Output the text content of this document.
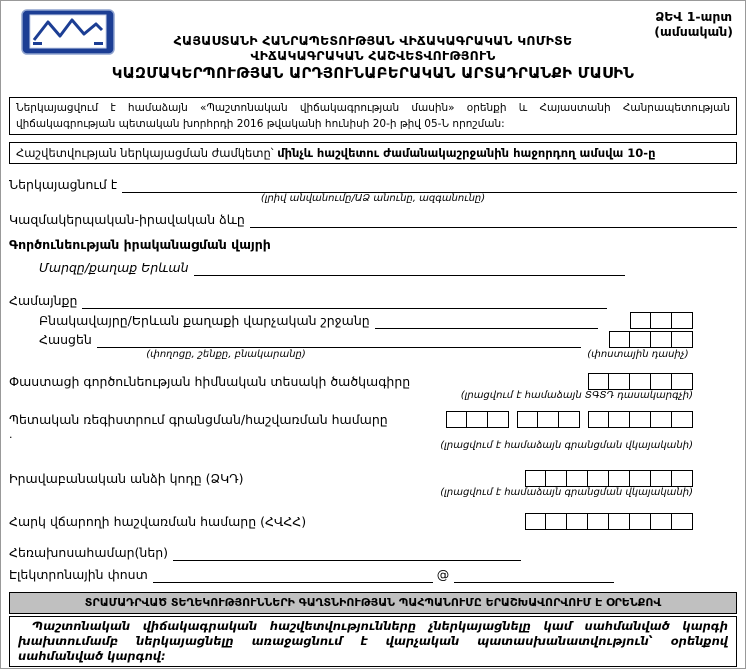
ՁԵՎ 1-արտ
(ամսական)
ՀԱՅԱՍՏԱՆԻ ՀԱՆՐԱՊԵՏՈՒԹՅԱՆ ՎԻՃԱԿԱԳՐԱԿԱՆ ԿՈՄԻՏԵ
ՎԻՃԱԿԱԳՐԱԿԱՆ ՀԱՇՎԵՏՎՈՒԹՅՈՒՆ
ԿԱԶՄԱԿԵՐՊՈՒԹՅԱՆ ԱՐԴՅՈՒՆԱԲԵՐԱԿԱՆ ԱՐՏԱԴՐԱՆՔԻ ՄԱՍԻՆ
Ներկայացվում է համաձայն «Պաշտոնական վիճակագրության մասին» օրենքի և Հայաստանի Հանրապետության վիճակագրության պետական խորհրդի 2016 թվականի հունիսի 20-ի թիվ 05-Ն որոշման:
Հաշվետվության ներկայացման ժամկետը՝ մինչև հաշվետու ժամանակաշրջանին հաջորդող ամսվա 10-ը
Ներկայացնում է
(լրիվ անվանումը/ԱՁ անունը, ազգանունը)
Կազմակերպական-իրավական ձևը
Գործունեության իրականացման վայրի
Մարզը/քաղաք Երևան
Համայնքը
Բնակավայրը/Երևան քաղաքի վարչական շրջանը
Հասցեն
(փողոցը, շենքը, բնակարանը)	(փոստային դասիչ)
Փաստացի գործունեության հիմնական տեսակի ծածկագիրը
(լրացվում է համաձայն ՏԳՏԴ դասակարգչի)
Պետական ռեգիստրում գրանցման/հաշվառման համարը
.
(լրացվում է համաձայն գրանցման վկայականի)
Իրավաբանական անձի կոդը (ՁԿԴ)
(լրացվում է համաձայն գրանցման վկայականի)
Հարկ վճարողի հաշվառման համարը (ՀՎՀՀ)
Հեռախոսահամար(ներ)
Էլեկտրոնային փոստ	@
ՏՐԱՄԱԴՐՎԱԾ ՏԵՂԵԿՈՒԹՅՈՒՆՆԵՐԻ ԳԱՂՏՆԻՈՒԹՅԱՆ ՊԱՀՊԱՆՈՒՄԸ ԵՐԱՇԽԱՎՈՐՎՈՒՄ Է ՕՐԵՆՔՈՎ
Պաշտոնական վիճակագրական հաշվետվությունները չներկայացնելը կամ սահմանված կարգի խախտումամբ ներկայացնելը առաջացնում է վարչական պատասխանատվություն՝ օրենքով սահմանված կարգով:
